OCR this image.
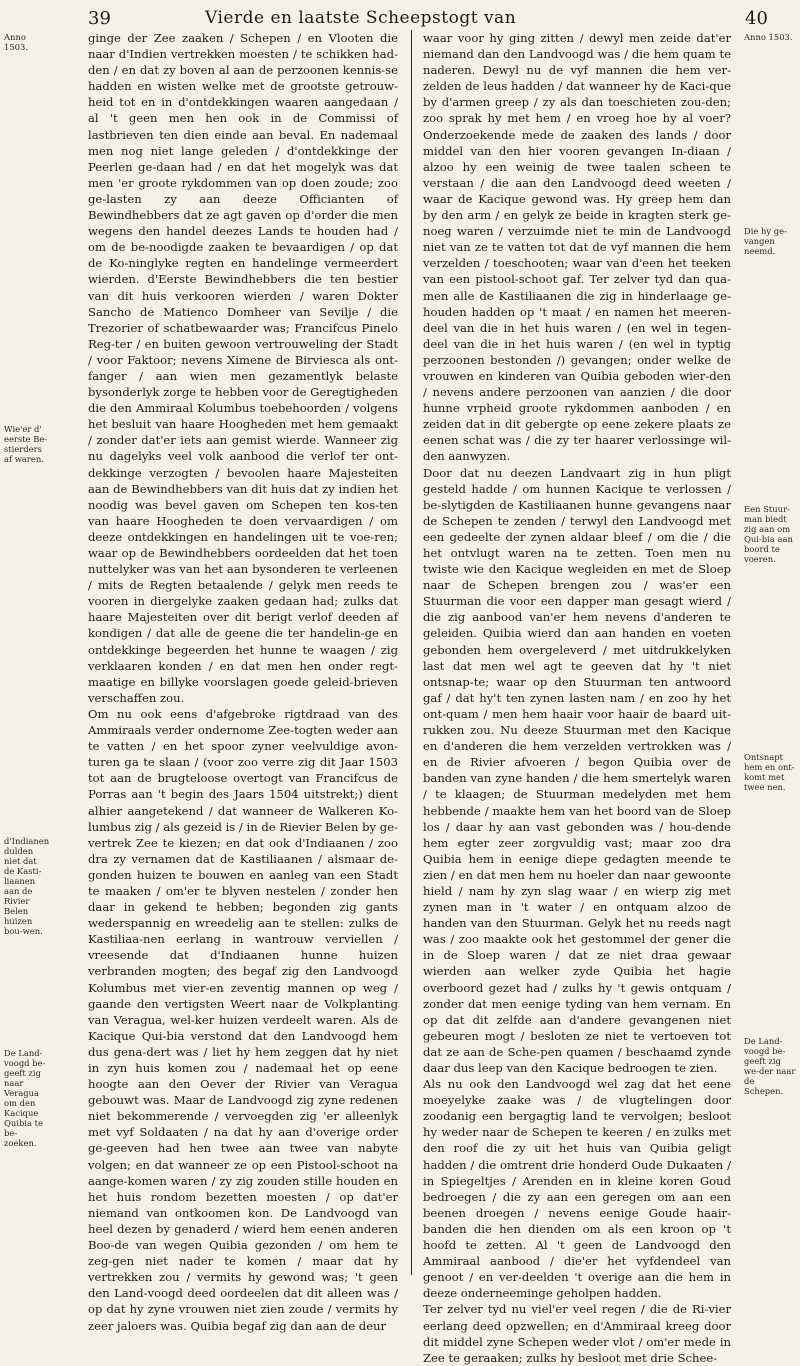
39	Vierde en laatste Scheepstogt van	40
Anno 1503.
Wie'er d' eerste Be-stierders af waren.
d'Indianen dulden niet dat de Kasti-liaanen aan de Rivier Belen huizen bou-wen.
De Land-voogd be-geeft zig naar Veragua om den Kacique Quibia te be-zoeken.
Anno 1503.
Die hy ge-vangen neemd.
Een Stuur-man biedt zig aan om Qui-bia aan boord te voeren.
Ontsnapt hem en ont-komt met twee nen.
De Land-voogd be-geeft zig we-der naar de Schepen.

ginge der Zee zaaken / Schepen / en Vlooten die naar d'Indien vertrekken moesten / te schikken had-den / en dat zy boven al aan de perzoonen kennis-se hadden en wisten welke met de grootste getrouw-heid tot en in d'ontdekkingen waaren aangedaan / al 't geen men hen ook in de Commissi of lastbrieven ten dien einde aan beval. En nademaal men nog niet lange geleden / d'ontdekkinge der Peerlen ge-daan had / en dat het mogelyk was dat men 'er groote rykdommen van op doen zoude; zoo ge-lasten zy aan deeze Officianten of Bewindhebbers dat ze agt gaven op d'order die men wegens den handel deezes Lands te houden had / om de be-noodigde zaaken te bevaardigen / op dat de Ko-ninglyke regten en handelinge vermeerdert wierden. d'Eerste Bewindhebbers die ten bestier van dit huis verkooren wierden / waren Dokter Sancho de Matienco Domheer van Sevilje / die Trezorier of schatbewaarder was; Francifcus Pinelo Reg-ter / en buiten gewoon vertrouweling der Stadt / voor Faktoor; nevens Ximene de Birviesca als ont-fanger / aan wien men gezamentlyk belaste bysonderlyk zorge te hebben voor de Geregtigheden die den Ammiraal Kolumbus toebehoorden / volgens het besluit van haare Hoogheden met hem gemaakt / zonder dat'er iets aan gemist wierde. Wanneer zig nu dagelyks veel volk aanbood die verlof ter ont-dekkinge verzogten / bevoolen haare Majesteiten aan de Bewindhebbers van dit huis dat zy indien het noodig was bevel gaven om Schepen ten kos-ten van haare Hoogheden te doen vervaardigen / om deeze ontdekkingen en handelingen uit te voe-ren; waar op de Bewindhebbers oordeelden dat het toen nuttelyker was van het aan bysonderen te verleenen / mits de Regten betaalende / gelyk men reeds te vooren in diergelyke zaaken gedaan had; zulks dat haare Majesteiten over dit berigt verlof deeden af kondigen / dat alle de geene die ter handelin-ge en ontdekkinge begeerden het hunne te waagen / zig verklaaren konden / en dat men hen onder regt-maatige en billyke voorslagen goede geleid-brieven verschaffen zou.

Om nu ook eens d'afgebroke rigtdraad van des Ammiraals verder ondernome Zee-togten weder aan te vatten / en het spoor zyner veelvuldige avon-turen ga te slaan / (voor zoo verre zig dit Jaar 1503 tot aan de brugteloose overtogt van Francifcus de Porras aan 't begin des Jaars 1504 uitstrekt;) dient alhier aangetekend / dat wanneer de Walkeren Ko-lumbus zig / als gezeid is / in de Rievier Belen by ge-vertrek Zee te kiezen; en dat ook d'Indiaanen / zoo dra zy vernamen dat de Kastiliaanen / alsmaar de-gonden huizen te bouwen en aanleg van een Stadt te maaken / om'er te blyven nestelen / zonder hen daar in gekend te hebben; begonden zig gants wederspannig en wreedelig aan te stellen: zulks de Kastiliaa-nen eerlang in wantrouw verviellen / vreesende dat d'Indiaanen hunne huizen verbranden mogten; des begaf zig den Landvoogd Kolumbus met vier-en zeventig mannen op weg / gaande den vertigsten Weert naar de Volkplanting van Veragua, wel-ker huizen verdeelt waren. Als de Kacique Qui-bia verstond dat den Landvoogd hem dus gena-dert was / liet hy hem zeggen dat hy niet in zyn huis komen zou / nademaal het op eene hoogte aan den Oever der Rivier van Veragua gebouwt was. Maar de Landvoogd zig zyne redenen niet bekommerende / vervoegden zig 'er alleenlyk met vyf Soldaaten / na dat hy aan d'overige order ge-geeven had hen twee aan twee van nabyte volgen; en dat wanneer ze op een Pistool-schoot na aange-komen waren / zy zig zouden stille houden en het huis rondom bezetten moesten / op dat'er niemand van ontkoomen kon. De Landvoogd van heel dezen by genaderd / wierd hem eenen anderen Boo-de van wegen Quibia gezonden / om hem te zeg-gen niet nader te komen / maar dat hy vertrekken zou / vermits hy gewond was; 't geen den Land-voogd deed oordeelen dat dit alleen was / op dat hy zyne vrouwen niet zien zoude / vermits hy zeer jaloers was. Quibia begaf zig dan aan de deur

waar voor hy ging zitten / dewyl men zeide dat'er niemand dan den Landvoogd was / die hem quam te naderen. Dewyl nu de vyf mannen die hem ver-zelden de leus hadden / dat wanneer hy de Kaci-que by d'armen greep / zy als dan toeschieten zou-den; zoo sprak hy met hem / en vroeg hoe hy al voer? Onderzoekende mede de zaaken des lands / door middel van den hier vooren gevangen In-diaan / alzoo hy een weinig de twee taalen scheen te verstaan / die aan den Landvoogd deed weeten / waar de Kacique gewond was. Hy greep hem dan by den arm / en gelyk ze beide in kragten sterk ge-noeg waren / verzuimde niet te min de Landvoogd niet van ze te vatten tot dat de vyf mannen die hem verzelden / toeschooten; waar van d'een het teeken van een pistool-schoot gaf. Ter zelver tyd dan qua-men alle de Kastiliaanen die zig in hinderlaage ge-houden hadden op 't maat / en namen het meeren-deel van die in het huis waren / (en wel in tegen-deel van die in het huis waren / (en wel in typtig perzoonen bestonden /) gevangen; onder welke de vrouwen en kinderen van Quibia geboden wier-den / nevens andere perzoonen van aanzien / die door hunne vrpheid groote rykdommen aanboden / en zeiden dat in dit gebergte op eene zekere plaats ze eenen schat was / die zy ter haarer verlossinge wil-den aanwyzen.

Door dat nu deezen Landvaart zig in hun pligt gesteld hadde / om hunnen Kacique te verlossen / be-slytigden de Kastiliaanen hunne gevangens naar de Schepen te zenden / terwyl den Landvoogd met een gedeelte der zynen aldaar bleef / om die / die het ontvlugt waren na te zetten. Toen men nu twiste wie den Kacique wegleiden en met de Sloep naar de Schepen brengen zou / was'er een Stuurman die voor een dapper man gesagt wierd / die zig aanbood van'er hem nevens d'anderen te geleiden. Quibia wierd dan aan handen en voeten gebonden hem overgeleverd / met uitdrukkelyken last dat men wel agt te geeven dat hy 't niet ontsnap-te; waar op den Stuurman ten antwoord gaf / dat hy't ten zynen lasten nam / en zoo hy het ont-quam / men hem haair voor haair de baard uit-rukken zou. Nu deeze Stuurman met den Kacique en d'anderen die hem verzelden vertrokken was / en de Rivier afvoeren / begon Quibia over de banden van zyne handen / die hem smertelyk waren / te klaagen; de Stuurman medelyden met hem hebbende / maakte hem van het boord van de Sloep los / daar hy aan vast gebonden was / hou-dende hem egter zeer zorgvuldig vast; maar zoo dra Quibia hem in eenige diepe gedagten meende te zien / en dat men hem nu hoeler dan naar gewoonte hield / nam hy zyn slag waar / en wierp zig met zynen man in 't water / en ontquam alzoo de handen van den Stuurman. Gelyk het nu reeds nagt was / zoo maakte ook het gestommel der gener die in de Sloep waren / dat ze niet draa gewaar wierden aan welker zyde Quibia het hagie overboord gezet had / zulks hy 't gewis ontquam / zonder dat men eenige tyding van hem vernam. En op dat dit zelfde aan d'andere gevangenen niet gebeuren mogt / besloten ze niet te vertoeven tot dat ze aan de Sche-pen quamen / beschaamd zynde daar dus leep van den Kacique bedroogen te zien.

Als nu ook den Landvoogd wel zag dat het eene moeyelyke zaake was / de vlugtelingen door zoodanig een bergagtig land te vervolgen; besloot hy weder naar de Schepen te keeren / en zulks met den roof die zy uit het huis van Quibia geligt hadden / die omtrent drie honderd Oude Dukaaten / in Spiegeltjes / Arenden en in kleine koren Goud bedroegen / die zy aan een geregen om aan een beenen droegen / nevens eenige Goude haair-banden die hen dienden om als een kroon op 't hoofd te zetten. Al 't geen de Landvoogd den Ammiraal aanbood / die'er het vyfdendeel van genoot / en ver-deelden 't overige aan die hem in deeze onderneeminge geholpen hadden.

Ter zelver tyd nu viel'er veel regen / die de Ri-vier eerlang deed opzwellen; en d'Ammiraal kreeg door dit middel zyne Schepen weder vlot / om'er mede in Zee te geraaken; zulks hy besloot met drie Schee-
